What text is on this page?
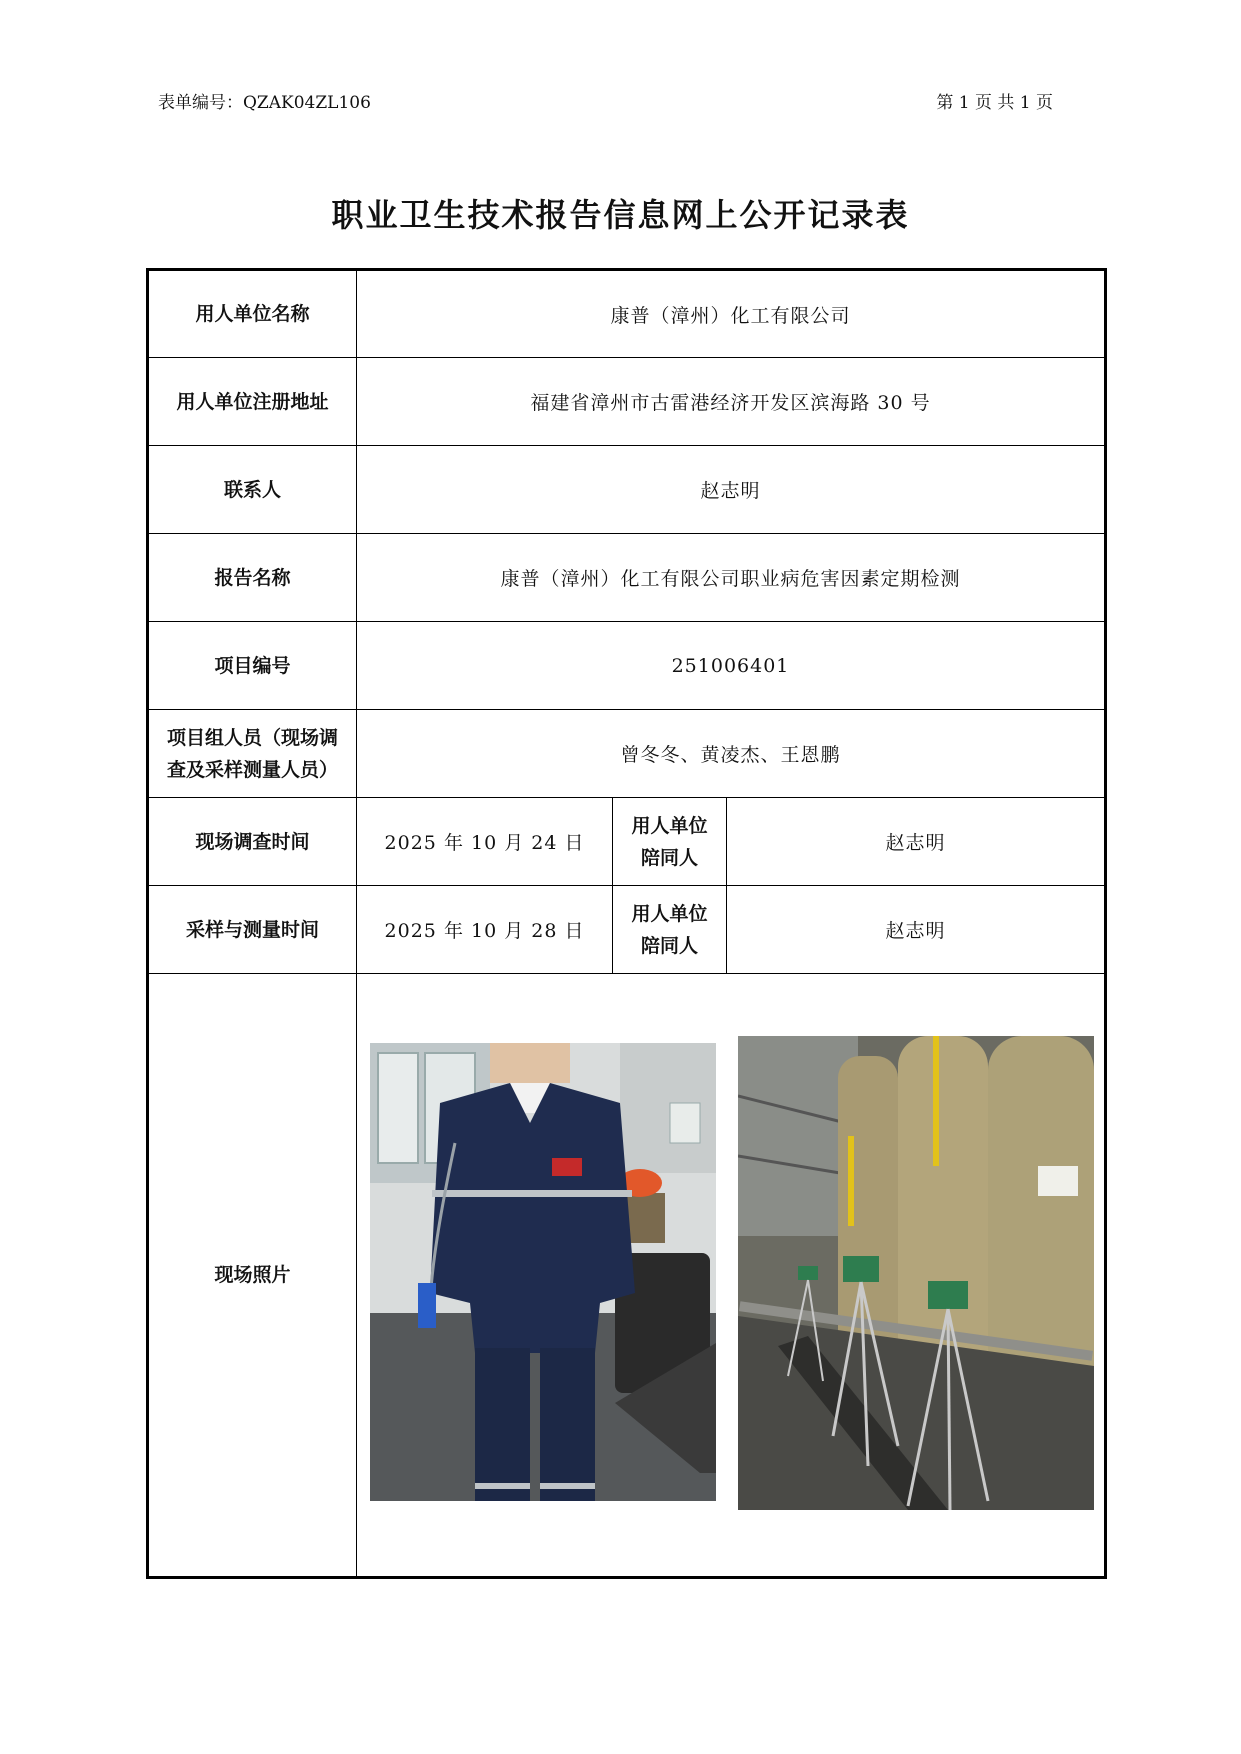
表单编号：QZAK04ZL106	第 1 页 共 1 页
职业卫生技术报告信息网上公开记录表
用人单位名称	康普（漳州）化工有限公司		
用人单位注册地址	福建省漳州市古雷港经济开发区滨海路 30 号		
联系人	赵志明		
报告名称	康普（漳州）化工有限公司职业病危害因素定期检测		
项目编号	251006401		

项目组人员（现场调
查及采样测量人员）	曾冬冬、黄凌杰、王恩鹏		
现场调查时间	2025 年 10 月 24 日	用人单位
陪同人	赵志明
采样与测量时间	2025 年 10 月 28 日	用人单位
陪同人	赵志明
现场照片	
